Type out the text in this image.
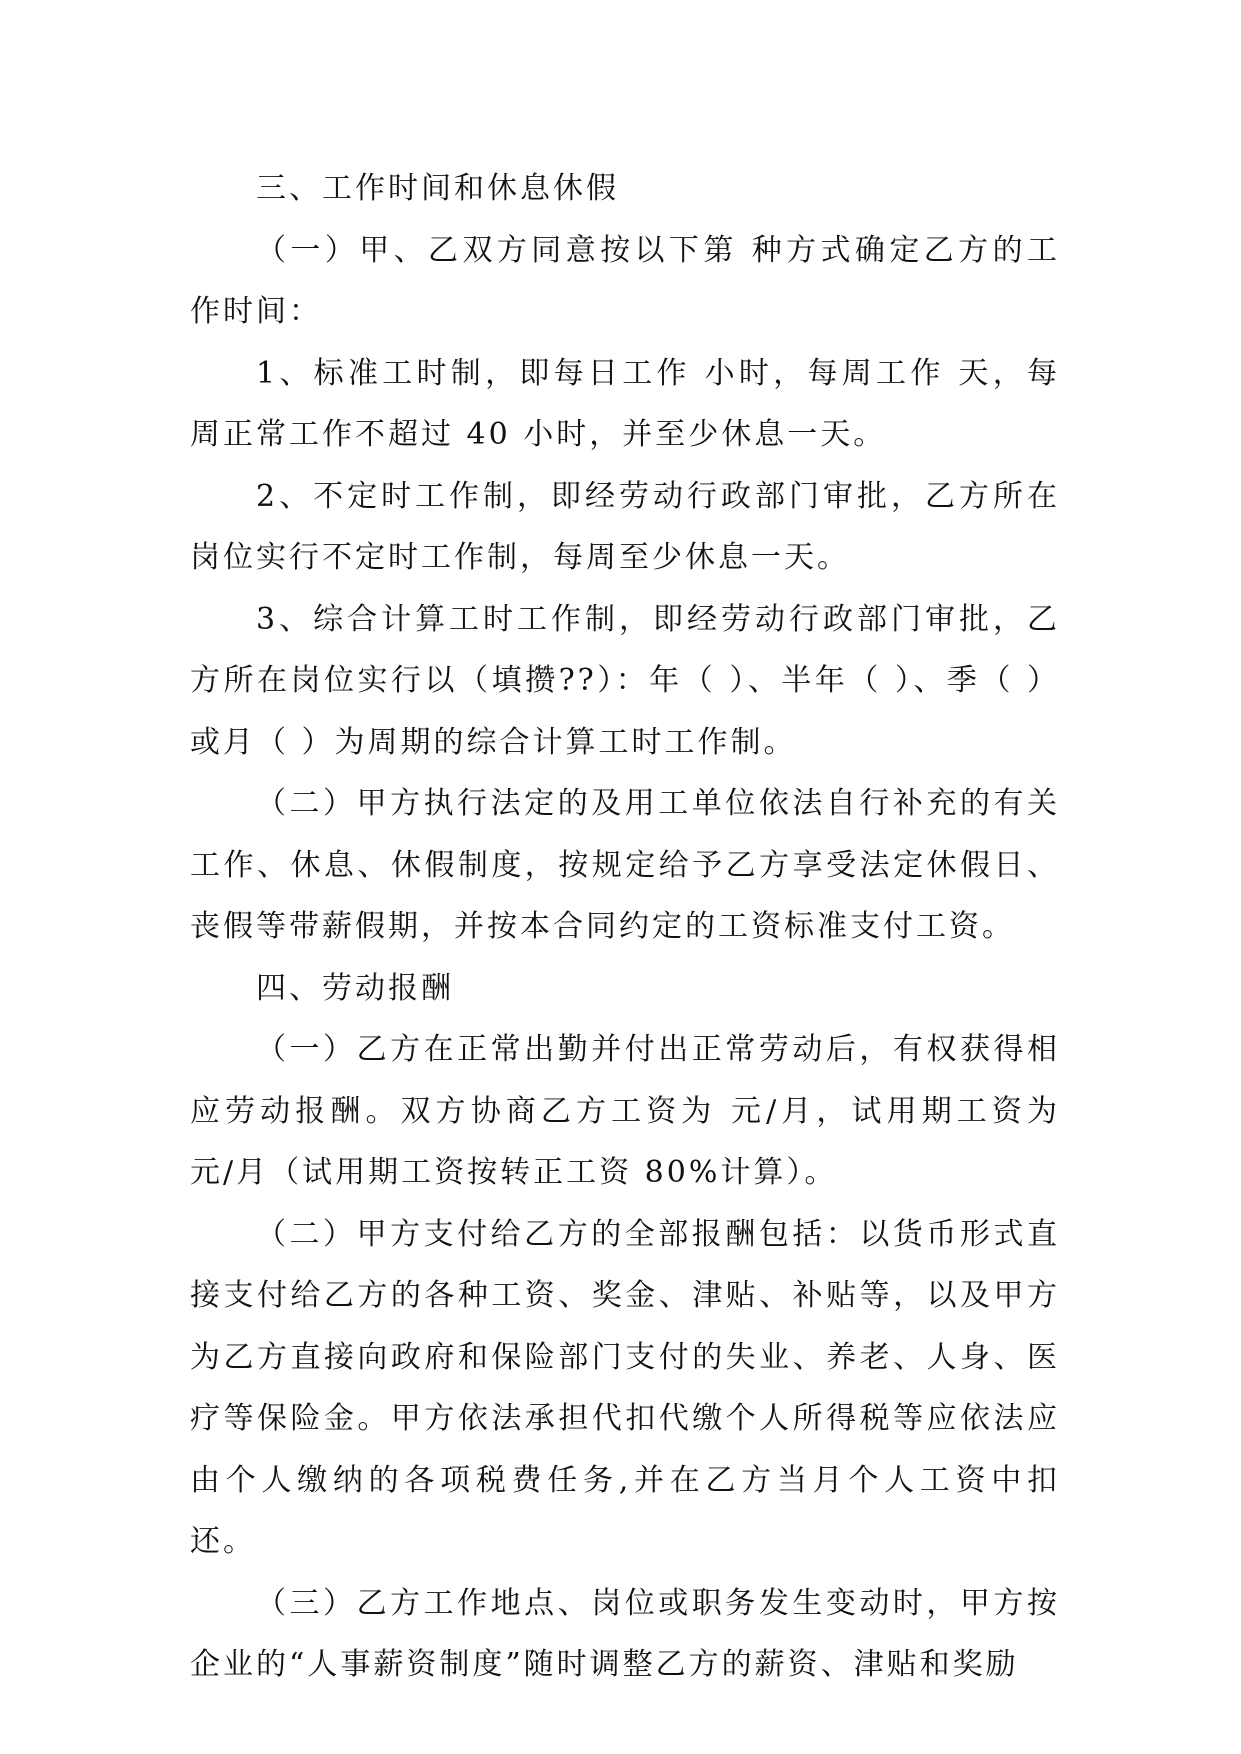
三、工作时间和休息休假

（一）甲、乙双方同意按以下第 种方式确定乙方的工作时间：

1、标准工时制，即每日工作 小时，每周工作 天，每周正常工作不超过 40 小时，并至少休息一天。

2、不定时工作制，即经劳动行政部门审批，乙方所在岗位实行不定时工作制，每周至少休息一天。

3、综合计算工时工作制，即经劳动行政部门审批，乙方所在岗位实行以（填攒??）：年（ ）、半年（ ）、季（ ）或月（ ）为周期的综合计算工时工作制。

（二）甲方执行法定的及用工单位依法自行补充的有关工作、休息、休假制度，按规定给予乙方享受法定休假日、丧假等带薪假期，并按本合同约定的工资标准支付工资。

四、劳动报酬

（一）乙方在正常出勤并付出正常劳动后，有权获得相应劳动报酬。双方协商乙方工资为 元/月，试用期工资为 元/月（试用期工资按转正工资 80%计算）。

（二）甲方支付给乙方的全部报酬包括：以货币形式直接支付给乙方的各种工资、奖金、津贴、补贴等，以及甲方为乙方直接向政府和保险部门支付的失业、养老、人身、医疗等保险金。甲方依法承担代扣代缴个人所得税等应依法应由个人缴纳的各项税费任务,并在乙方当月个人工资中扣还。

（三）乙方工作地点、岗位或职务发生变动时，甲方按企业的“人事薪资制度”随时调整乙方的薪资、津贴和奖励
